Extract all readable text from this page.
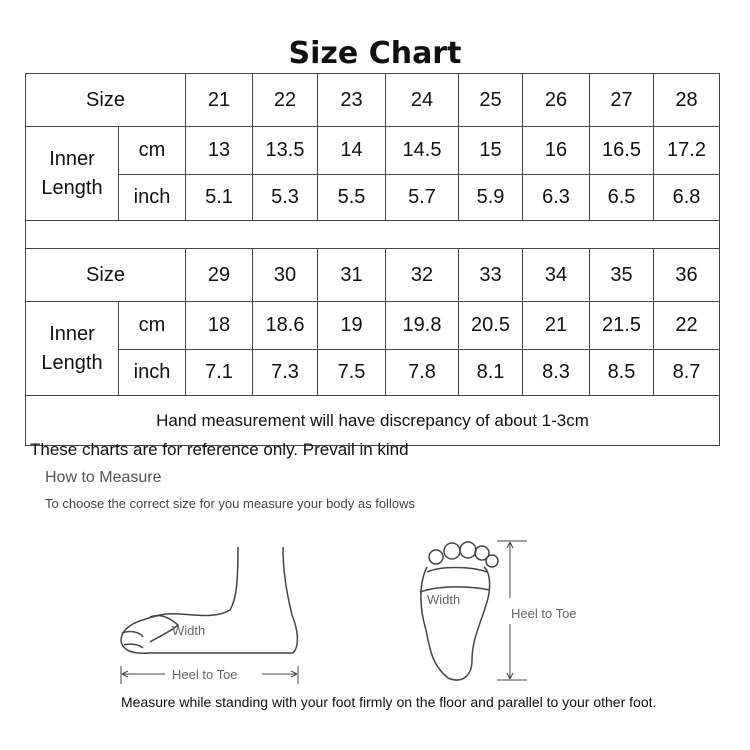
Size Chart
Size		21	22	23	24	25	26	27	28

Inner
Length	cm	13	13.5	14	14.5	15	16	16.5	17.2
	inch	5.1	5.3	5.5	5.7	5.9	6.3	6.5	6.8

Size		29	30	31	32	33	34	35	36

Inner
Length	cm	18	18.6	19	19.8	20.5	21	21.5	22
	inch	7.1	7.3	7.5	7.8	8.1	8.3	8.5	8.7
Hand measurement will have discrepancy of about 1-3cm									
These charts are for reference only. Prevail in kind
How to Measure
To choose the correct size for you measure your body as follows
Width
Heel to Toe
Width
Heel to Toe
Measure while standing with your foot firmly on the floor and parallel to your other foot.
